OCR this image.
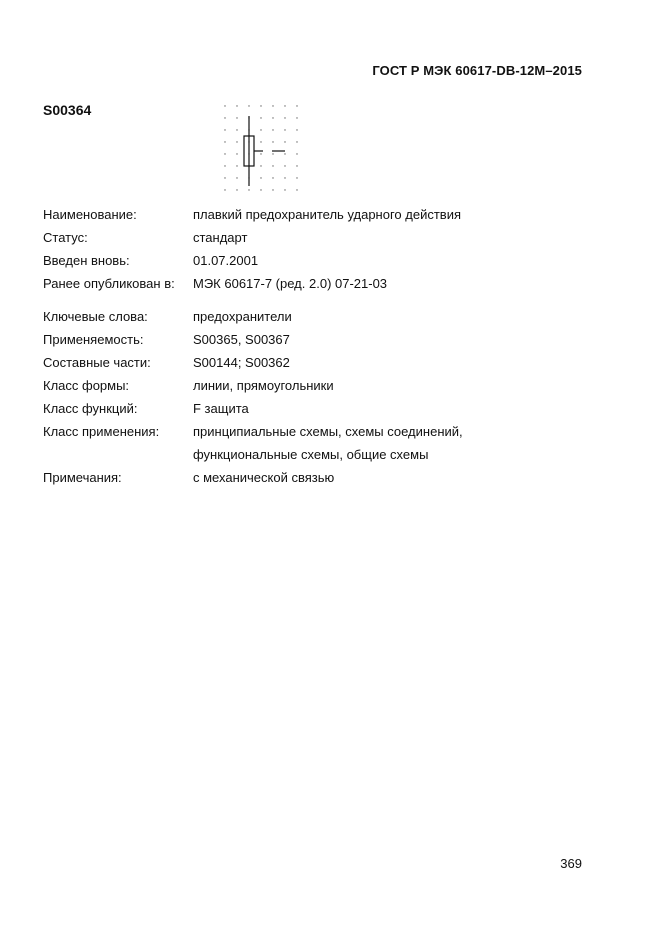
ГОСТ Р МЭК 60617-DB-12М–2015
S00364
Наименование:	плавкий предохранитель ударного действия
Статус:	стандарт
Введен вновь:	01.07.2001
Ранее опубликован в:	МЭК 60617-7 (ред. 2.0) 07-21-03
Ключевые слова:	предохранители
Применяемость:	S00365, S00367
Составные части:	S00144; S00362
Класс формы:	линии, прямоугольники
Класс функций:	F защита
Класс применения:	принципиальные схемы, схемы соединений,
функциональные схемы, общие схемы
Примечания:	с механической связью
369
